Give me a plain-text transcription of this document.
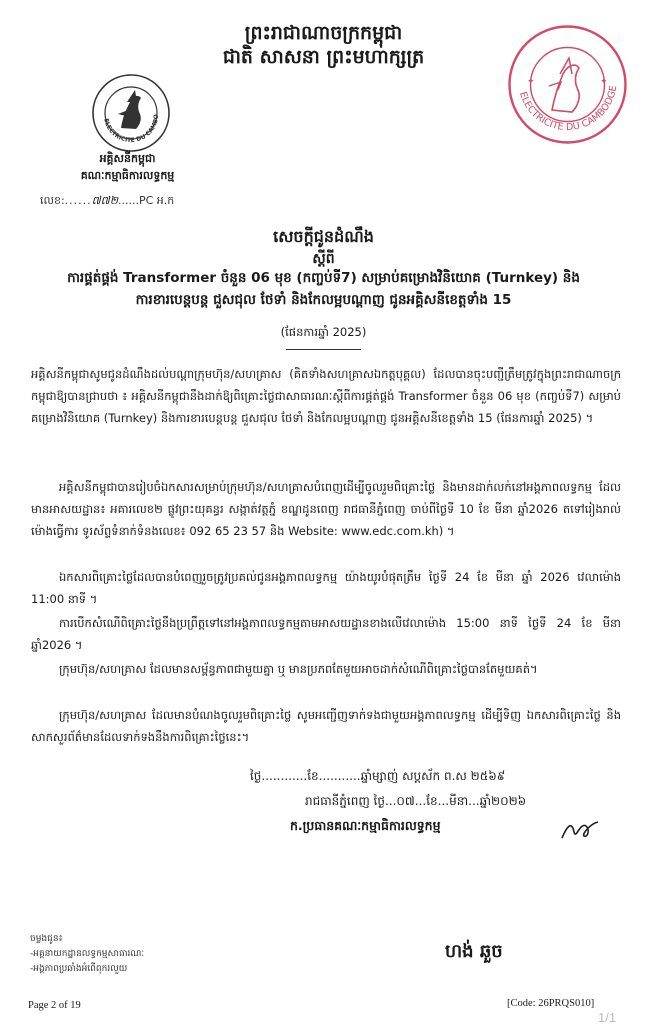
ព្រះរាជាណាចក្រកម្ពុជា
ជាតិ សាសនា ព្រះមហាក្សត្រ
ELECTRICITE DU CAMBO
អគ្គិសនីកម្ពុជា
គណៈកម្មាធិការលទ្ធកម្ម
លេខ:......៧៧២......PC អ.ក
✦	✦
ELECTRICITE DU CAMBODGE
សេចក្តីជូនដំណឹង
ស្តីពី
ការផ្គត់ផ្គង់ Transformer ចំនួន 06 មុខ (កញ្ចប់ទី7) សម្រាប់គម្រោងវិនិយោគ (Turnkey) និង
ការខារបេន្តបន្ត ជួសជុល ថែទាំ និងកែលម្អបណ្តាញ ជូនអគ្គិសនីខេត្តទាំង 15
(ផែនការឆ្នាំ 2025)
អគ្គិសនីកម្ពុជាសូមជូនដំណឹងដល់បណ្តាក្រុមហ៊ុន/សហគ្រាស (គិតទាំងសហគ្រាសឯកត្តបុគ្គល) ដែលបានចុះបញ្ជីត្រឹមត្រូវក្នុងព្រះរាជាណាចក្រកម្ពុជាឱ្យបានជ្រាបថា ៖ អគ្គិសនីកម្ពុជានឹងដាក់ឱ្យពិគ្រោះថ្លៃជាសាធារណៈស្តីពីការផ្គត់ផ្គង់ Transformer ចំនួន 06 មុខ (កញ្ចប់ទី7) សម្រាប់គម្រោងវិនិយោគ (Turnkey) និងការខារបេន្តបន្ត ជួសជុល ថែទាំ និងកែលម្អបណ្តាញ ជូនអគ្គិសនីខេត្តទាំង 15 (ផែនការឆ្នាំ 2025) ។
អគ្គិសនីកម្ពុជាបានរៀបចំឯកសារសម្រាប់ក្រុមហ៊ុន/សហគ្រាសបំពេញដើម្បីចូលរួមពិគ្រោះថ្លៃ និងមានដាក់លក់នៅអង្គភាពលទ្ធកម្ម ដែលមានអាសយដ្ឋាន៖ អគារលេខ២ ផ្លូវព្រះយុគន្ធរ សង្កាត់វត្តភ្នំ ខណ្ឌដូនពេញ រាជធានីភ្នំពេញ ចាប់ពីថ្ងៃទី 10 ខែ មីនា ឆ្នាំ2026 តទៅរៀងរាល់ម៉ោងធ្វើការ ទូរស័ព្ទទំនាក់ទំនងលេខ៖ 092 65 23 57 និង Website: www.edc.com.kh) ។
ឯកសារពិគ្រោះថ្លៃដែលបានបំពេញរួចត្រូវប្រគល់ជូនអង្គភាពលទ្ធកម្ម យ៉ាងយូរបំផុតត្រឹម ថ្ងៃទី 24 ខែ មីនា ឆ្នាំ 2026 វេលាម៉ោង 11:00 នាទី ។
ការបើកសំណើពិគ្រោះថ្លៃនឹងប្រព្រឹត្តទៅនៅអង្គភាពលទ្ធកម្មតាមអាសយដ្ឋានខាងលើវេលាម៉ោង 15:00 នាទី ថ្ងៃទី 24 ខែ មីនា ឆ្នាំ2026 ។
ក្រុមហ៊ុន/សហគ្រាស ដែលមានសម្ព័ន្ធភាពជាមួយគ្នា ឬ មានប្រភពតែមួយអាចដាក់សំណើពិគ្រោះថ្លៃបានតែមួយគត់។
ក្រុមហ៊ុន/សហគ្រាស ដែលមានបំណងចូលរួមពិគ្រោះថ្លៃ សូមអញ្ជើញទាក់ទងជាមួយអង្គភាពលទ្ធកម្ម ដើម្បីទិញ ឯកសារពិគ្រោះថ្លៃ និងសាកសួរព័ត៌មានដែលទាក់ទងនឹងការពិគ្រោះថ្លៃនេះ។
ថ្ងៃ............ខែ...........ឆ្នាំម្សាញ់ សប្តស័ក ព.ស ២៥៦៩
រាជធានីភ្នំពេញ ថ្ងៃ...០៧...ខែ...មីនា...ឆ្នាំ២០២៦
ក.ប្រធានគណៈកម្មាធិការលទ្ធកម្ម
ចម្លងជូន៖
-អគ្គនាយកដ្ឋានលទ្ធកម្មសាធារណៈ
-អង្គភាពប្រឆាំងអំពើពុករលួយ
ហង់ ឆួច
Page 2 of 19	[Code: 26PRQS010]
1/1
